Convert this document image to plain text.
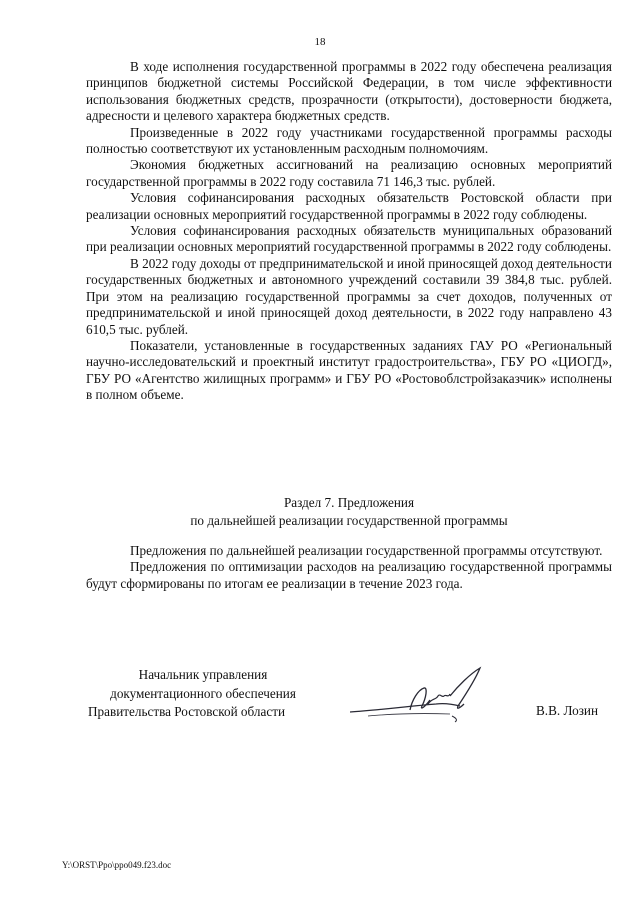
18

В ходе исполнения государственной программы в 2022 году обеспечена реализация принципов бюджетной системы Российской Федерации, в том числе эффективности использования бюджетных средств, прозрачности (открытости), достоверности бюджета, адресности и целевого характера бюджетных средств.

Произведенные в 2022 году участниками государственной программы расходы полностью соответствуют их установленным расходным полномочиям.

Экономия бюджетных ассигнований на реализацию основных мероприятий государственной программы в 2022 году составила 71 146,3 тыс. рублей.

Условия софинансирования расходных обязательств Ростовской области при реализации основных мероприятий государственной программы в 2022 году соблюдены.

Условия софинансирования расходных обязательств муниципальных образований при реализации основных мероприятий государственной программы в 2022 году соблюдены.

В 2022 году доходы от предпринимательской и иной приносящей доход деятельности государственных бюджетных и автономного учреждений составили 39 384,8 тыс. рублей. При этом на реализацию государственной программы за счет доходов, полученных от предпринимательской и иной приносящей доход деятельности, в 2022 году направлено 43 610,5 тыс. рублей.

Показатели, установленные в государственных заданиях ГАУ РО «Региональный научно-исследовательский и проектный институт градостроительства», ГБУ РО «ЦИОГД», ГБУ РО «Агентство жилищных программ» и ГБУ РО «Ростовоблстройзаказчик» исполнены в полном объеме.

Раздел 7. Предложения
по дальнейшей реализации государственной программы

Предложения по дальнейшей реализации государственной программы отсутствуют.

Предложения по оптимизации расходов на реализацию государственной программы будут сформированы по итогам ее реализации в течение 2023 года.

Начальник управления
документационного обеспечения
Правительства Ростовской области	В.В. Лозин
Y:\ORST\Ppo\ppo049.f23.doc
